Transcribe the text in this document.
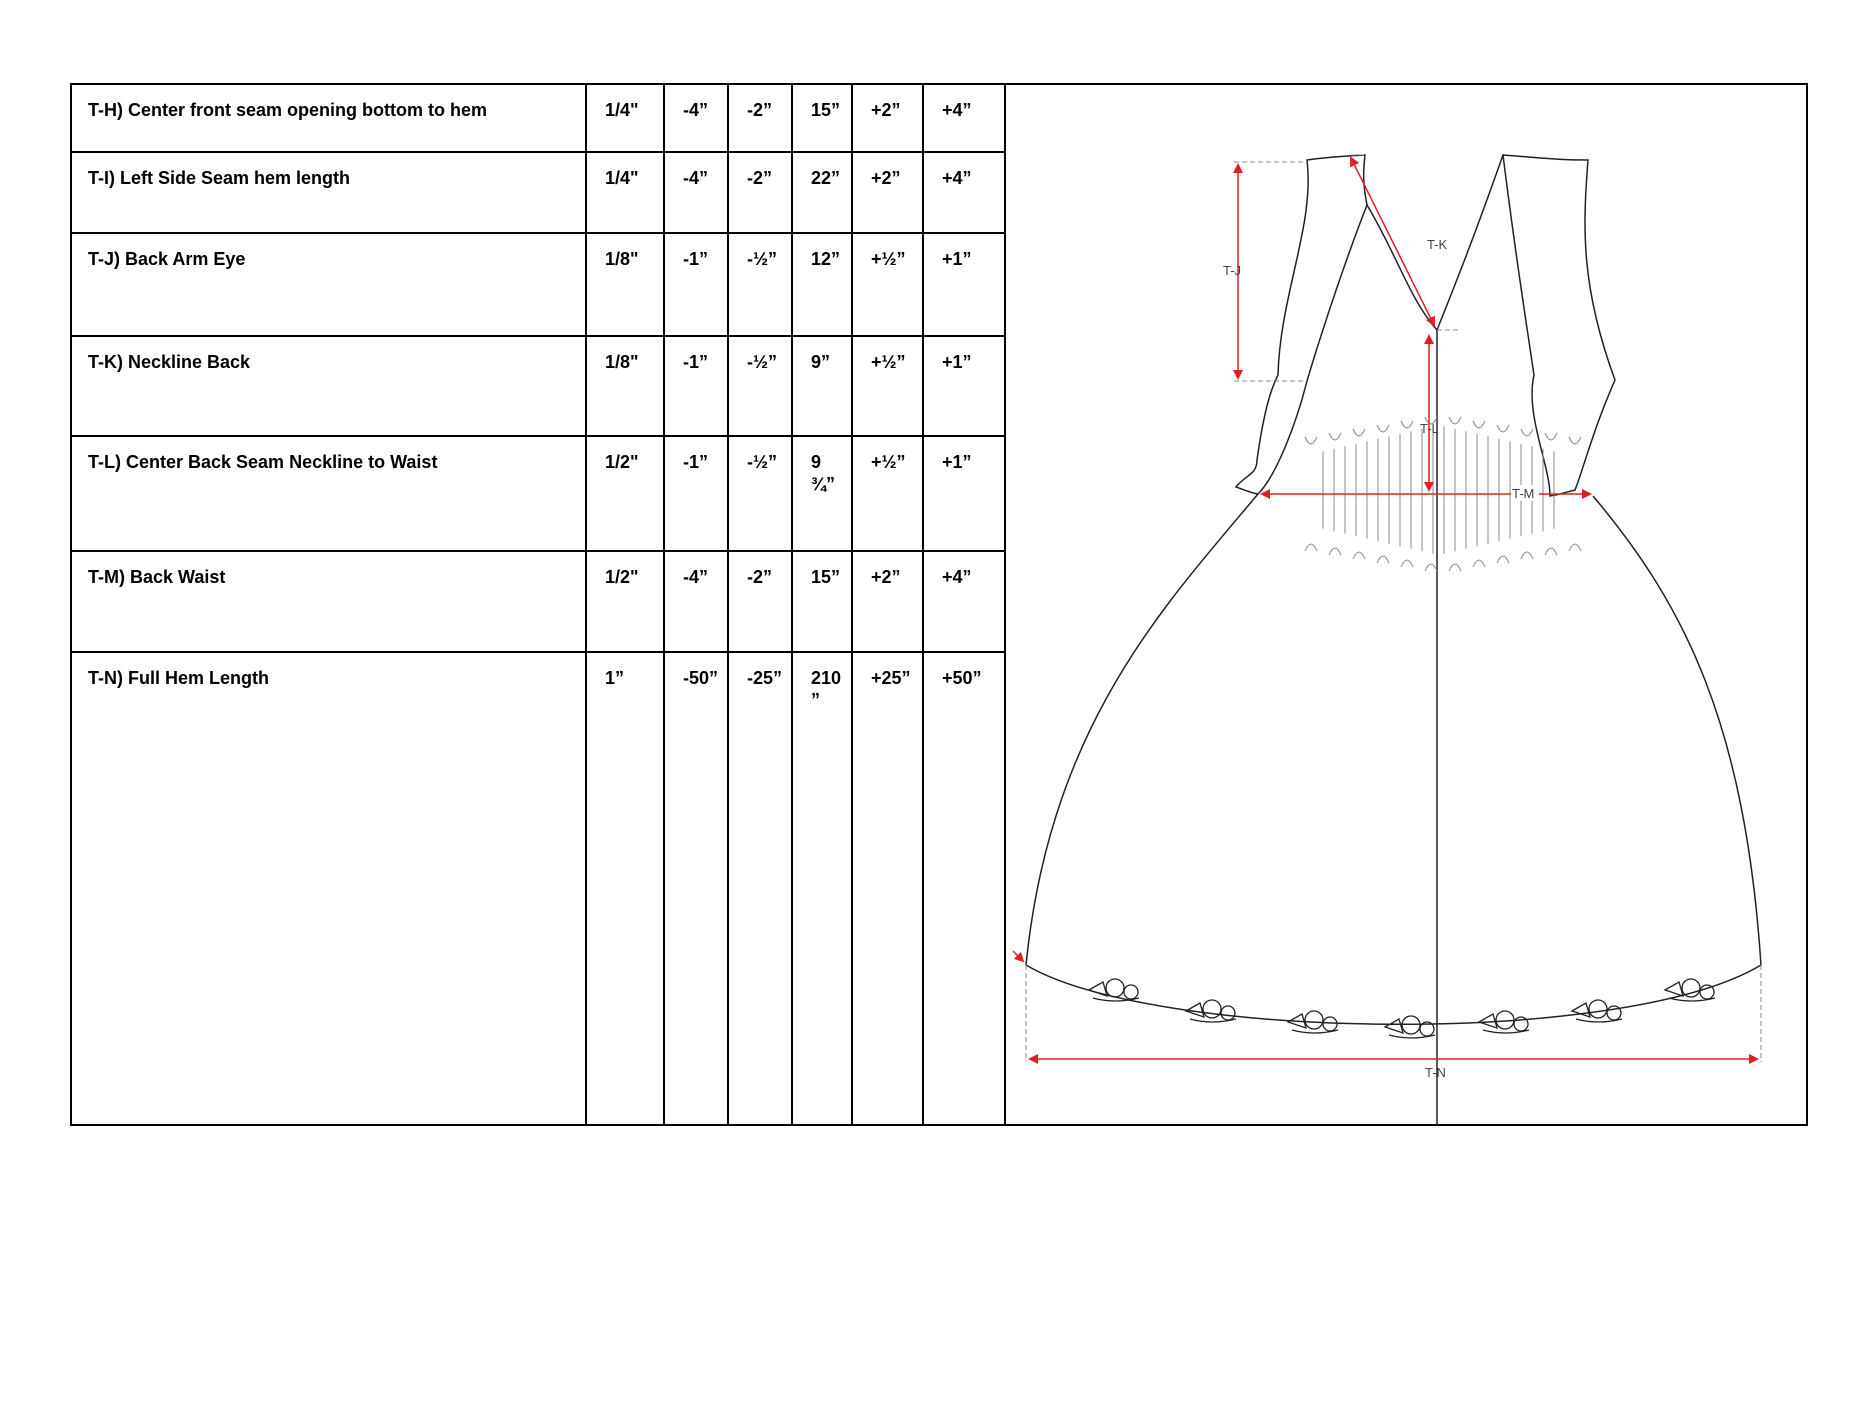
T-H) Center front seam opening bottom to hem	1/4"	-4”	-2”	15”	+2”	+4”
T-I) Left Side Seam hem length	1/4"	-4”	-2”	22”	+2”	+4”
T-J) Back Arm Eye	1/8"	-1”	-½”	12”	+½”	+1”
T-K) Neckline Back	1/8"	-1”	-½”	9”	+½”	+1”
T-L) Center Back Seam Neckline to Waist	1/2"	-1”	-½”	9 ¾”	+½”	+1”
T-M) Back Waist	1/2"	-4”	-2”	15”	+2”	+4”
T-N) Full Hem Length	1”	-50”	-25”	210 ”	+25”	+50”
T-J
T-K
T-L
T-M
T-N
